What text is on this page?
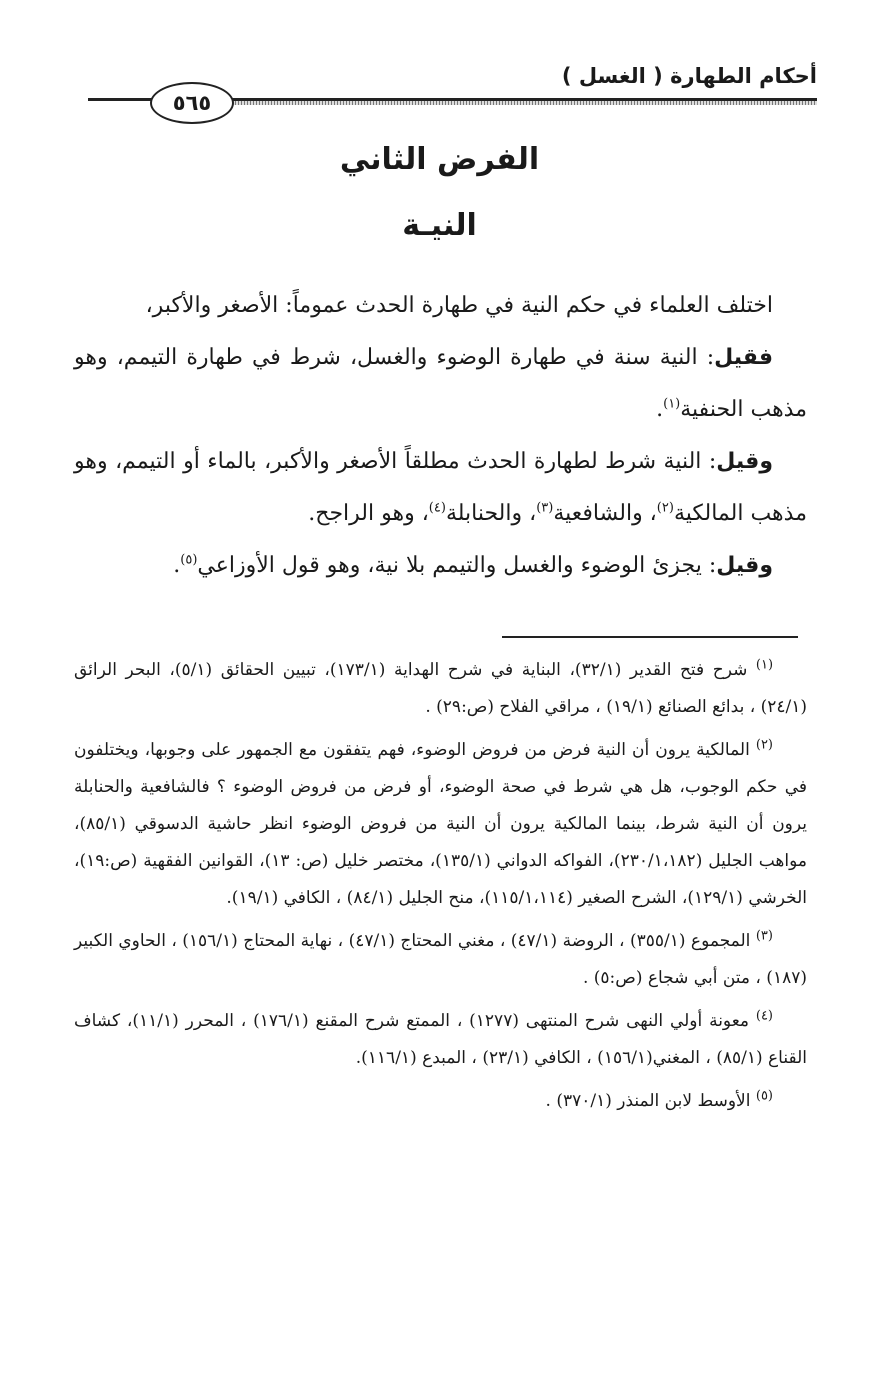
أحكام الطهارة ( الغسل )
٥٦٥
الفرض الثاني
النيـة

اختلف العلماء في حكم النية في طهارة الحدث عموماً: الأصغر والأكبر،

فقيل: النية سنة في طهارة الوضوء والغسل، شرط في طهارة التيمم، وهو مذهب الحنفية$^{(١)}$.

وقيل: النية شرط لطهارة الحدث مطلقاً الأصغر والأكبر، بالماء أو التيمم، وهو مذهب المالكية$^{(٢)}$، والشافعية$^{(٣)}$، والحنابلة$^{(٤)}$، وهو الراجح.

وقيل: يجزئ الوضوء والغسل والتيمم بلا نية، وهو قول الأوزاعي$^{(٥)}$.

$^{(١)}$ شرح فتح القدير (٣٢/١)، البناية في شرح الهداية (١٧٣/١)، تبيين الحقائق (٥/١)، البحر الرائق (٢٤/١) ، بدائع الصنائع (١٩/١) ، مراقي الفلاح (ص:٢٩) .

$^{(٢)}$ المالكية يرون أن النية فرض من فروض الوضوء، فهم يتفقون مع الجمهور على وجوبها، ويختلفون في حكم الوجوب، هل هي شرط في صحة الوضوء، أو فرض من فروض الوضوء ؟ فالشافعية والحنابلة يرون أن النية شرط، بينما المالكية يرون أن النية من فروض الوضوء انظر حاشية الدسوقي (٨٥/١)، مواهب الجليل (٢٣٠/١،١٨٢)، الفواكه الدواني (١٣٥/١)، مختصر خليل (ص: ١٣)، القوانين الفقهية (ص:١٩)، الخرشي (١٢٩/١)، الشرح الصغير (١١٥/١،١١٤)، منح الجليل (٨٤/١) ، الكافي (١٩/١).

$^{(٣)}$ المجموع (٣٥٥/١) ، الروضة (٤٧/١) ، مغني المحتاج (٤٧/١) ، نهاية المحتاج (١٥٦/١) ، الحاوي الكبير (١٨٧) ، متن أبي شجاع (ص:٥) .

$^{(٤)}$ معونة أولي النهى شرح المنتهى (١٢٧٧) ، الممتع شرح المقنع (١٧٦/١) ، المحرر (١١/١)، كشاف القناع (٨٥/١) ، المغني(١٥٦/١) ، الكافي (٢٣/١) ، المبدع (١١٦/١).

$^{(٥)}$ الأوسط لابن المنذر (٣٧٠/١) .
